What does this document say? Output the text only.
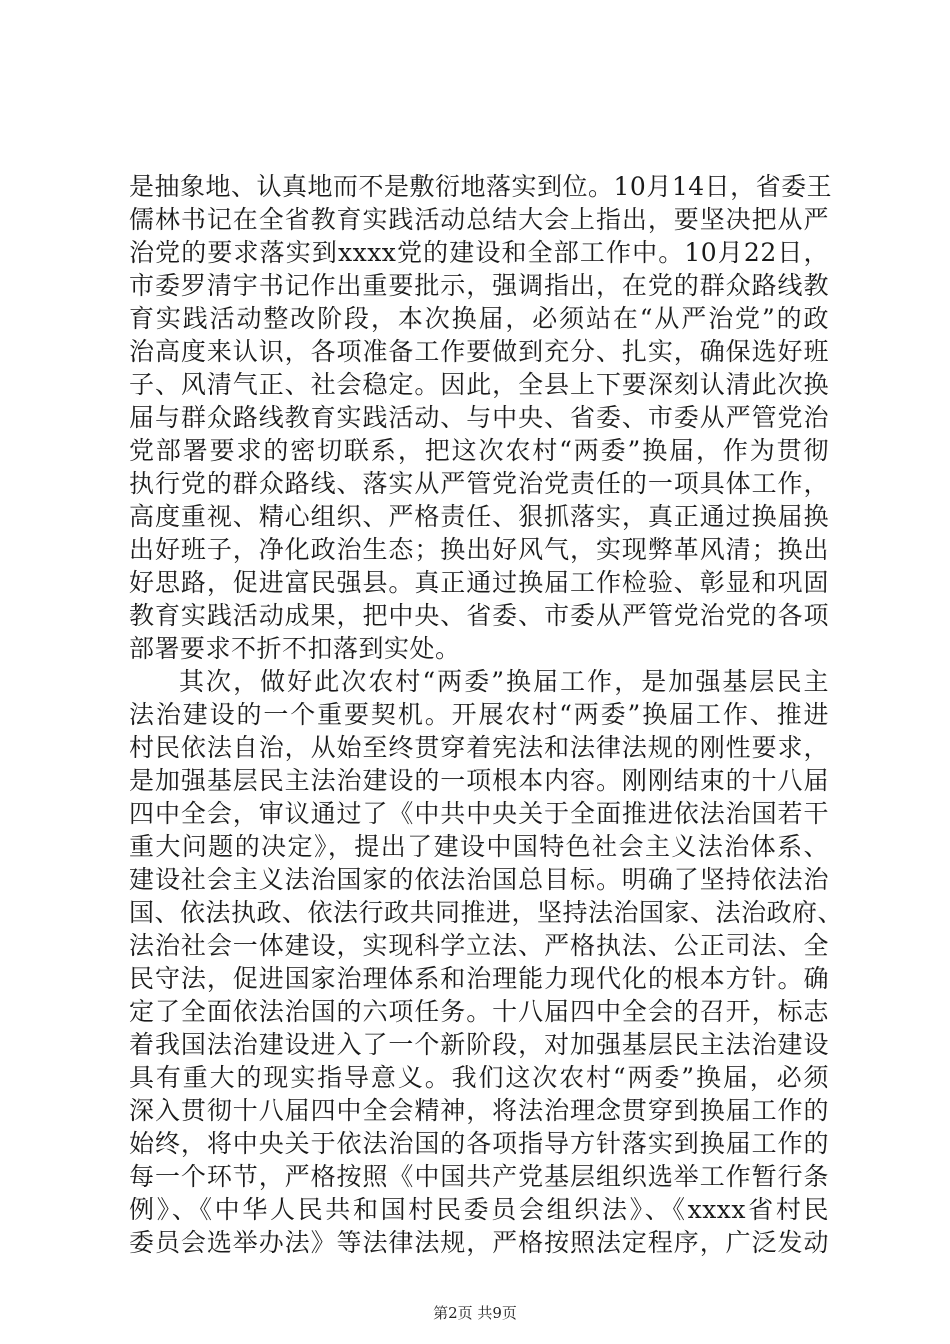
是抽象地、认真地而不是敷衍地落实到位。10月14日，省委王
儒林书记在全省教育实践活动总结大会上指出，要坚决把从严
治党的要求落实到xxxx党的建设和全部工作中。10月22日，
市委罗清宇书记作出重要批示，强调指出，在党的群众路线教
育实践活动整改阶段，本次换届，必须站在“从严治党”的政
治高度来认识，各项准备工作要做到充分、扎实，确保选好班
子、风清气正、社会稳定。因此，全县上下要深刻认清此次换
届与群众路线教育实践活动、与中央、省委、市委从严管党治
党部署要求的密切联系，把这次农村“两委”换届，作为贯彻
执行党的群众路线、落实从严管党治党责任的一项具体工作，
高度重视、精心组织、严格责任、狠抓落实，真正通过换届换
出好班子，净化政治生态；换出好风气，实现弊革风清；换出
好思路，促进富民强县。真正通过换届工作检验、彰显和巩固
教育实践活动成果，把中央、省委、市委从严管党治党的各项
部署要求不折不扣落到实处。
其次，做好此次农村“两委”换届工作，是加强基层民主
法治建设的一个重要契机。开展农村“两委”换届工作、推进
村民依法自治，从始至终贯穿着宪法和法律法规的刚性要求，
是加强基层民主法治建设的一项根本内容。刚刚结束的十八届
四中全会，审议通过了《中共中央关于全面推进依法治国若干
重大问题的决定》，提出了建设中国特色社会主义法治体系、
建设社会主义法治国家的依法治国总目标。明确了坚持依法治
国、依法执政、依法行政共同推进，坚持法治国家、法治政府、
法治社会一体建设，实现科学立法、严格执法、公正司法、全
民守法，促进国家治理体系和治理能力现代化的根本方针。确
定了全面依法治国的六项任务。十八届四中全会的召开，标志
着我国法治建设进入了一个新阶段，对加强基层民主法治建设
具有重大的现实指导意义。我们这次农村“两委”换届，必须
深入贯彻十八届四中全会精神，将法治理念贯穿到换届工作的
始终，将中央关于依法治国的各项指导方针落实到换届工作的
每一个环节，严格按照《中国共产党基层组织选举工作暂行条
例》、《中华人民共和国村民委员会组织法》、《xxxx省村民
委员会选举办法》等法律法规，严格按照法定程序，广泛发动
第2页 共9页
